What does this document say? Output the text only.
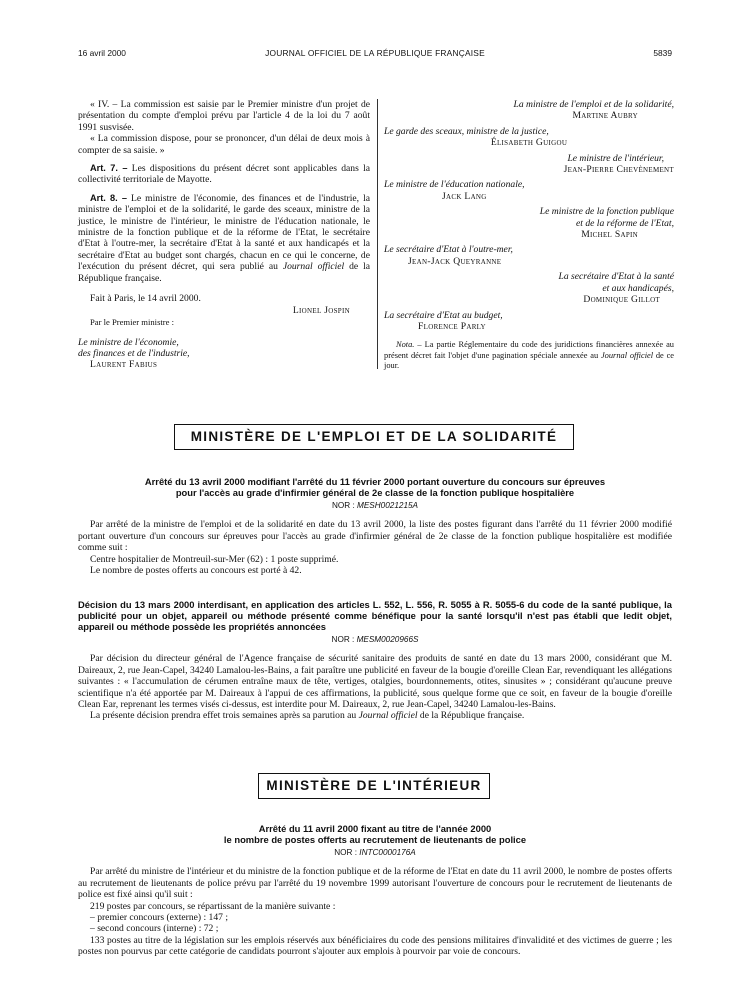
16 avril 2000	JOURNAL OFFICIEL DE LA RÉPUBLIQUE FRANÇAISE	5839

« IV. – La commission est saisie par le Premier ministre d'un projet de présentation du compte d'emploi prévu par l'article 4 de la loi du 7 août 1991 susvisée.

« La commission dispose, pour se prononcer, d'un délai de deux mois à compter de sa saisie. »

Art. 7. – Les dispositions du présent décret sont applicables dans la collectivité territoriale de Mayotte.

Art. 8. – Le ministre de l'économie, des finances et de l'industrie, la ministre de l'emploi et de la solidarité, le garde des sceaux, ministre de la justice, le ministre de l'intérieur, le ministre de l'éducation nationale, le ministre de la fonction publique et de la réforme de l'Etat, le secrétaire d'Etat à l'outre-mer, la secrétaire d'Etat à la santé et aux handicapés et la secrétaire d'Etat au budget sont chargés, chacun en ce qui le concerne, de l'exécution du présent décret, qui sera publié au Journal officiel de la République française.

Fait à Paris, le 14 avril 2000.
Lionel Jospin

Par le Premier ministre :

Le ministre de l'économie,

des finances et de l'industrie,

Laurent Fabius

La ministre de l'emploi et de la solidarité,

Martine Aubry

Le garde des sceaux, ministre de la justice,

Élisabeth Guigou

Le ministre de l'intérieur,

Jean-Pierre Chevènement

Le ministre de l'éducation nationale,

Jack Lang

Le ministre de la fonction publique

et de la réforme de l'Etat,

Michel Sapin

Le secrétaire d'Etat à l'outre-mer,

Jean-Jack Queyranne

La secrétaire d'Etat à la santé

et aux handicapés,

Dominique Gillot

La secrétaire d'Etat au budget,

Florence Parly

Nota. – La partie Réglementaire du code des juridictions financières annexée au présent décret fait l'objet d'une pagination spéciale annexée au Journal officiel de ce jour.

MINISTÈRE DE L'EMPLOI ET DE LA SOLIDARITÉ

Arrêté du 13 avril 2000 modifiant l'arrêté du 11 février 2000 portant ouverture du concours sur épreuves

pour l'accès au grade d'infirmier général de 2e classe de la fonction publique hospitalière

NOR : MESH0021215A

Par arrêté de la ministre de l'emploi et de la solidarité en date du 13 avril 2000, la liste des postes figurant dans l'arrêté du 11 février 2000 modifié portant ouverture d'un concours sur épreuves pour l'accès au grade d'infirmier général de 2e classe de la fonction publique hospitalière est modifiée comme suit :

Centre hospitalier de Montreuil-sur-Mer (62) : 1 poste supprimé.

Le nombre de postes offerts au concours est porté à 42.

Décision du 13 mars 2000 interdisant, en application des articles L. 552, L. 556, R. 5055 à R. 5055-6 du code de la santé publique, la publicité pour un objet, appareil ou méthode présenté comme bénéfique pour la santé lorsqu'il n'est pas établi que ledit objet, appareil ou méthode possède les propriétés annoncées

NOR : MESM0020966S

Par décision du directeur général de l'Agence française de sécurité sanitaire des produits de santé en date du 13 mars 2000, considérant que M. Daireaux, 2, rue Jean-Capel, 34240 Lamalou-les-Bains, a fait paraître une publicité en faveur de la bougie d'oreille Clean Ear, revendiquant les allégations suivantes : « l'accumulation de cérumen entraîne maux de tête, vertiges, otalgies, bourdonnements, otites, sinusites » ; considérant qu'aucune preuve scientifique n'a été apportée par M. Daireaux à l'appui de ces affirmations, la publicité, sous quelque forme que ce soit, en faveur de la bougie d'oreille Clean Ear, reprenant les termes visés ci-dessus, est interdite pour M. Daireaux, 2, rue Jean-Capel, 34240 Lamalou-les-Bains.

La présente décision prendra effet trois semaines après sa parution au Journal officiel de la République française.

MINISTÈRE DE L'INTÉRIEUR

Arrêté du 11 avril 2000 fixant au titre de l'année 2000

le nombre de postes offerts au recrutement de lieutenants de police

NOR : INTC0000176A

Par arrêté du ministre de l'intérieur et du ministre de la fonction publique et de la réforme de l'Etat en date du 11 avril 2000, le nombre de postes offerts au recrutement de lieutenants de police prévu par l'arrêté du 19 novembre 1999 autorisant l'ouverture de concours pour le recrutement de lieutenants de police est fixé ainsi qu'il suit :

219 postes par concours, se répartissant de la manière suivante :

– premier concours (externe) : 147 ;

– second concours (interne) : 72 ;

133 postes au titre de la législation sur les emplois réservés aux bénéficiaires du code des pensions militaires d'invalidité et des victimes de guerre ; les postes non pourvus par cette catégorie de candidats pourront s'ajouter aux emplois à pourvoir par voie de concours.
